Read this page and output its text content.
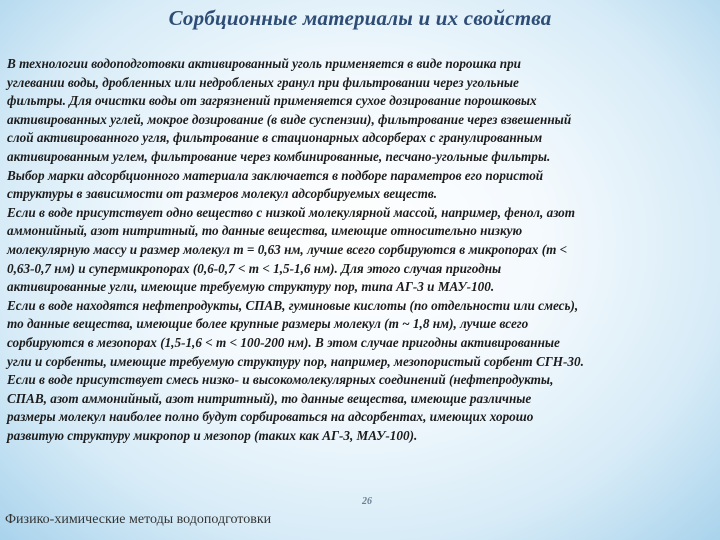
Сорбционные материалы и их свойства
В технологии водоподготовки активированный уголь применяется в виде порошка при
углевании воды, дробленных или недробленых гранул при фильтровании через угольные
фильтры. Для очистки воды от загрязнений применяется сухое дозирование порошковых
активированных углей, мокрое дозирование (в виде суспензии), фильтрование через взвешенный
слой активированного угля, фильтрование в стационарных адсорберах с гранулированным
активированным углем, фильтрование через комбинированные, песчано-угольные фильтры.
Выбор марки адсорбционного материала заключается в подборе параметров его пористой
структуры в зависимости от размеров молекул адсорбируемых веществ.
Если в воде присутствует одно вещество с низкой молекулярной массой, например, фенол, азот
аммонийный, азот нитритный, то данные вещества, имеющие относительно низкую
молекулярную массу и размер молекул т = 0,63 нм, лучше всего сорбируются в микропорах (т <
0,63-0,7 нм) и супермикропорах (0,6-0,7 < т < 1,5-1,6 нм). Для этого случая пригодны
активированные угли, имеющие требуемую структуру пор, типа АГ-3 и МАУ-100.
Если в воде находятся нефтепродукты, СПАВ, гуминовые кислоты (по отдельности или смесь),
то данные вещества, имеющие более крупные размеры молекул (т ~ 1,8 нм), лучше всего
сорбируются в мезопорах (1,5-1,6 < т < 100-200 нм). В этом случае пригодны активированные
угли и сорбенты, имеющие требуемую структуру пор, например, мезопористый сорбент СГН-30.
Если в воде присутствует смесь низко- и высокомолекулярных соединений (нефтепродукты,
СПАВ, азот аммонийный, азот нитритный), то данные вещества, имеющие различные
размеры молекул наиболее полно будут сорбироваться на адсорбентах, имеющих хорошо
развитую структуру микропор и мезопор (таких как АГ-3, МАУ-100).
26
Физико-химические методы водоподготовки
